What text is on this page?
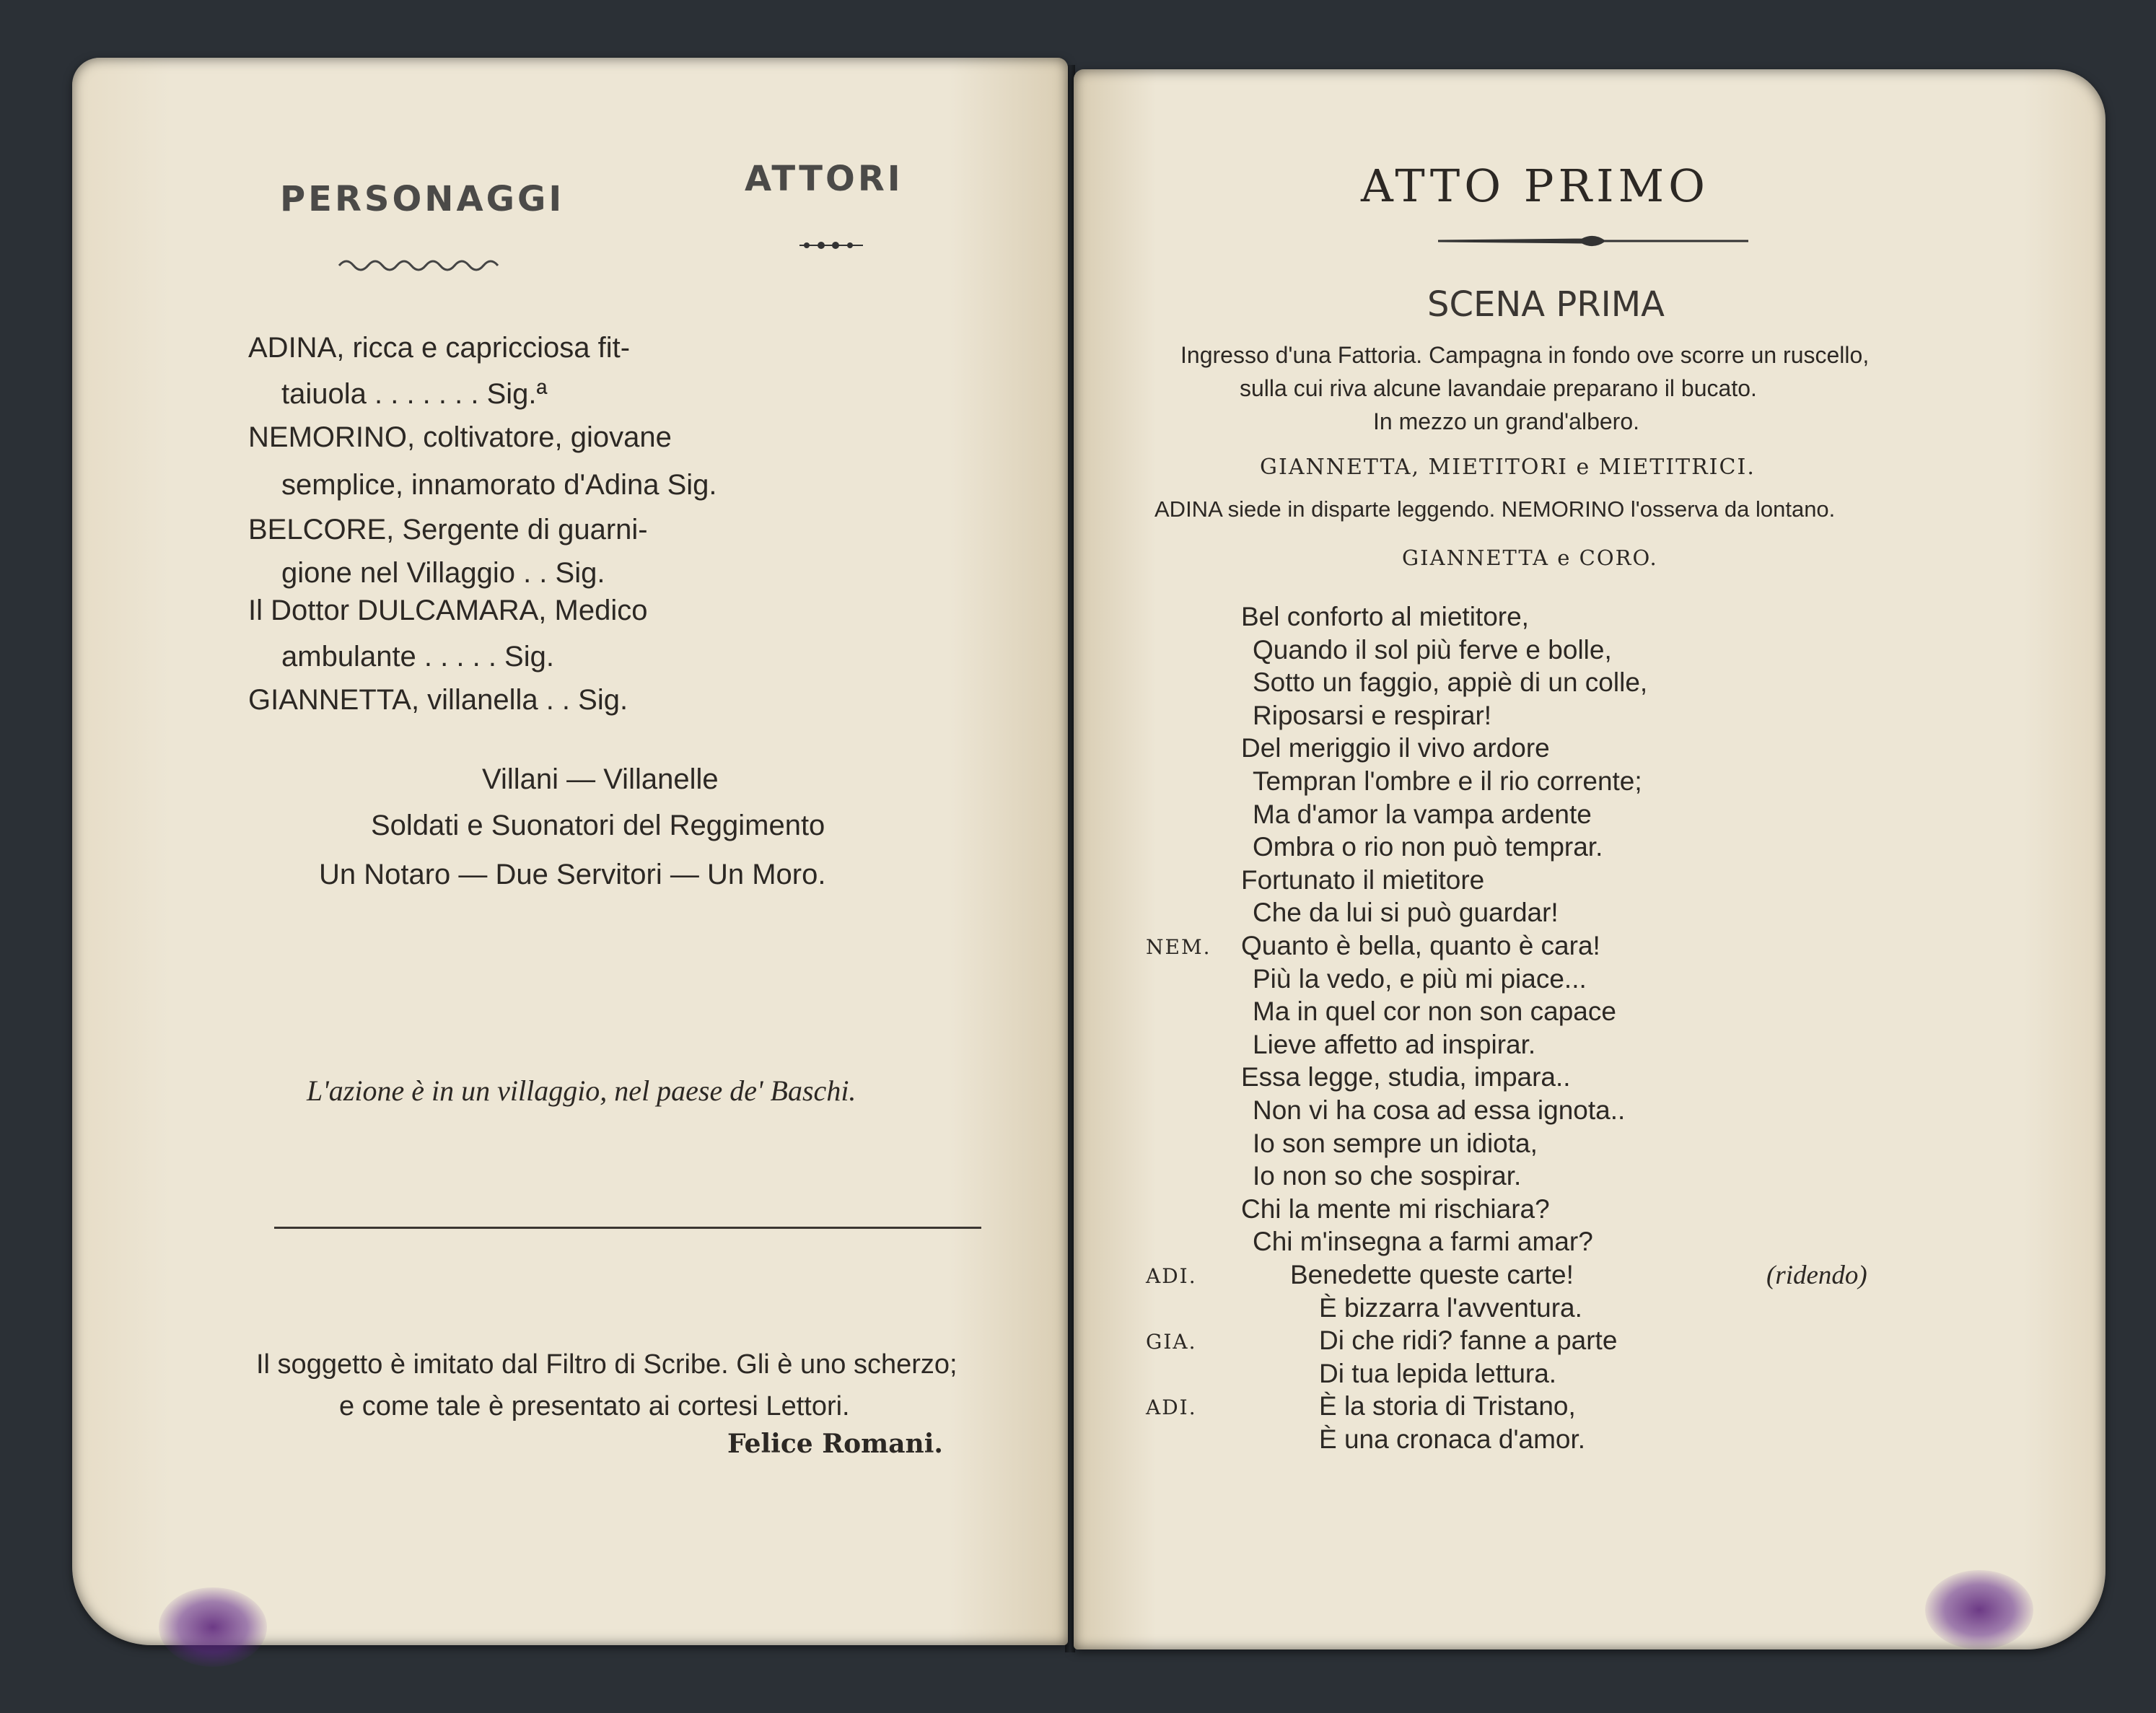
PERSONAGGI	ATTORI
ADINA, ricca e capricciosa fit-
taiuola . . . . . . . Sig.ª
NEMORINO, coltivatore, giovane
semplice, innamorato d'Adina Sig.
BELCORE, Sergente di guarni-
gione nel Villaggio . . Sig.
Il Dottor DULCAMARA, Medico
ambulante . . . . . Sig.
GIANNETTA, villanella . . Sig.
Villani — Villanelle
Soldati e Suonatori del Reggimento
Un Notaro — Due Servitori — Un Moro.
L'azione è in un villaggio, nel paese de' Baschi.
Il soggetto è imitato dal Filtro di Scribe. Gli è uno scherzo;
e come tale è presentato ai cortesi Lettori.
Felice Romani.
ATTO PRIMO
SCENA PRIMA
Ingresso d'una Fattoria. Campagna in fondo ove scorre un ruscello,
sulla cui riva alcune lavandaie preparano il bucato.
In mezzo un grand'albero.
GIANNETTA, MIETITORI e MIETITRICI.
ADINA siede in disparte leggendo. NEMORINO l'osserva da lontano.
GIANNETTA e CORO.
Bel conforto al mietitore,
Quando il sol più ferve e bolle,
Sotto un faggio, appiè di un colle,
Riposarsi e respirar!
Del meriggio il vivo ardore
Tempran l'ombre e il rio corrente;
Ma d'amor la vampa ardente
Ombra o rio non può temprar.
Fortunato il mietitore
Che da lui si può guardar!
NEM. Quanto è bella, quanto è cara!
Più la vedo, e più mi piace...
Ma in quel cor non son capace
Lieve affetto ad inspirar.
Essa legge, studia, impara..
Non vi ha cosa ad essa ignota..
Io son sempre un idiota,
Io non so che sospirar.
Chi la mente mi rischiara?
Chi m'insegna a farmi amar?
ADI.	Benedette queste carte!	(ridendo)
È bizzarra l'avventura.
GIA.	Di che ridi? fanne a parte
Di tua lepida lettura.
ADI.	È la storia di Tristano,
È una cronaca d'amor.
